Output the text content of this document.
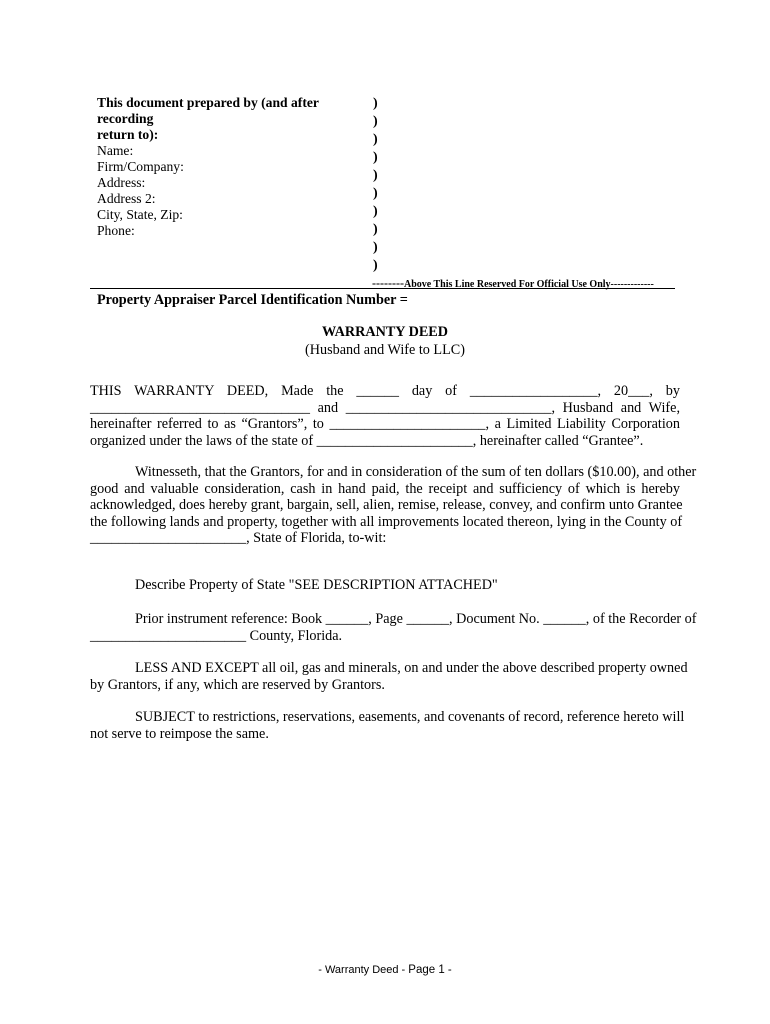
This document prepared by (and after recording
return to):
Name:
Firm/Company:
Address:
Address 2:
City, State, Zip:
Phone:
)
)
)
)
)
)
)
)
)
)
--------Above This Line Reserved For Official Use Only-------------
Property Appraiser Parcel Identification Number =
WARRANTY DEED
(Husband and Wife to LLC)
THIS WARRANTY DEED, Made the ______ day of __________________, 20___, by
_______________________________ and _____________________________, Husband and Wife,
hereinafter referred to as “Grantors”, to ______________________, a Limited Liability Corporation
organized under the laws of the state of ______________________, hereinafter called “Grantee”.
Witnesseth, that the Grantors, for and in consideration of the sum of ten dollars ($10.00), and other
good and valuable consideration, cash in hand paid, the receipt and sufficiency of which is hereby
acknowledged, does hereby grant, bargain, sell, alien, remise, release, convey, and confirm unto Grantee
the following lands and property, together with all improvements located thereon, lying in the County of
______________________, State of Florida, to-wit:
Describe Property of State "SEE DESCRIPTION ATTACHED"
Prior instrument reference: Book ______, Page ______, Document No. ______, of the Recorder of
______________________ County, Florida.
LESS AND EXCEPT all oil, gas and minerals, on and under the above described property owned
by Grantors, if any, which are reserved by Grantors.
SUBJECT to restrictions, reservations, easements, and covenants of record, reference hereto will
not serve to reimpose the same.
- Warranty Deed - Page 1 -
